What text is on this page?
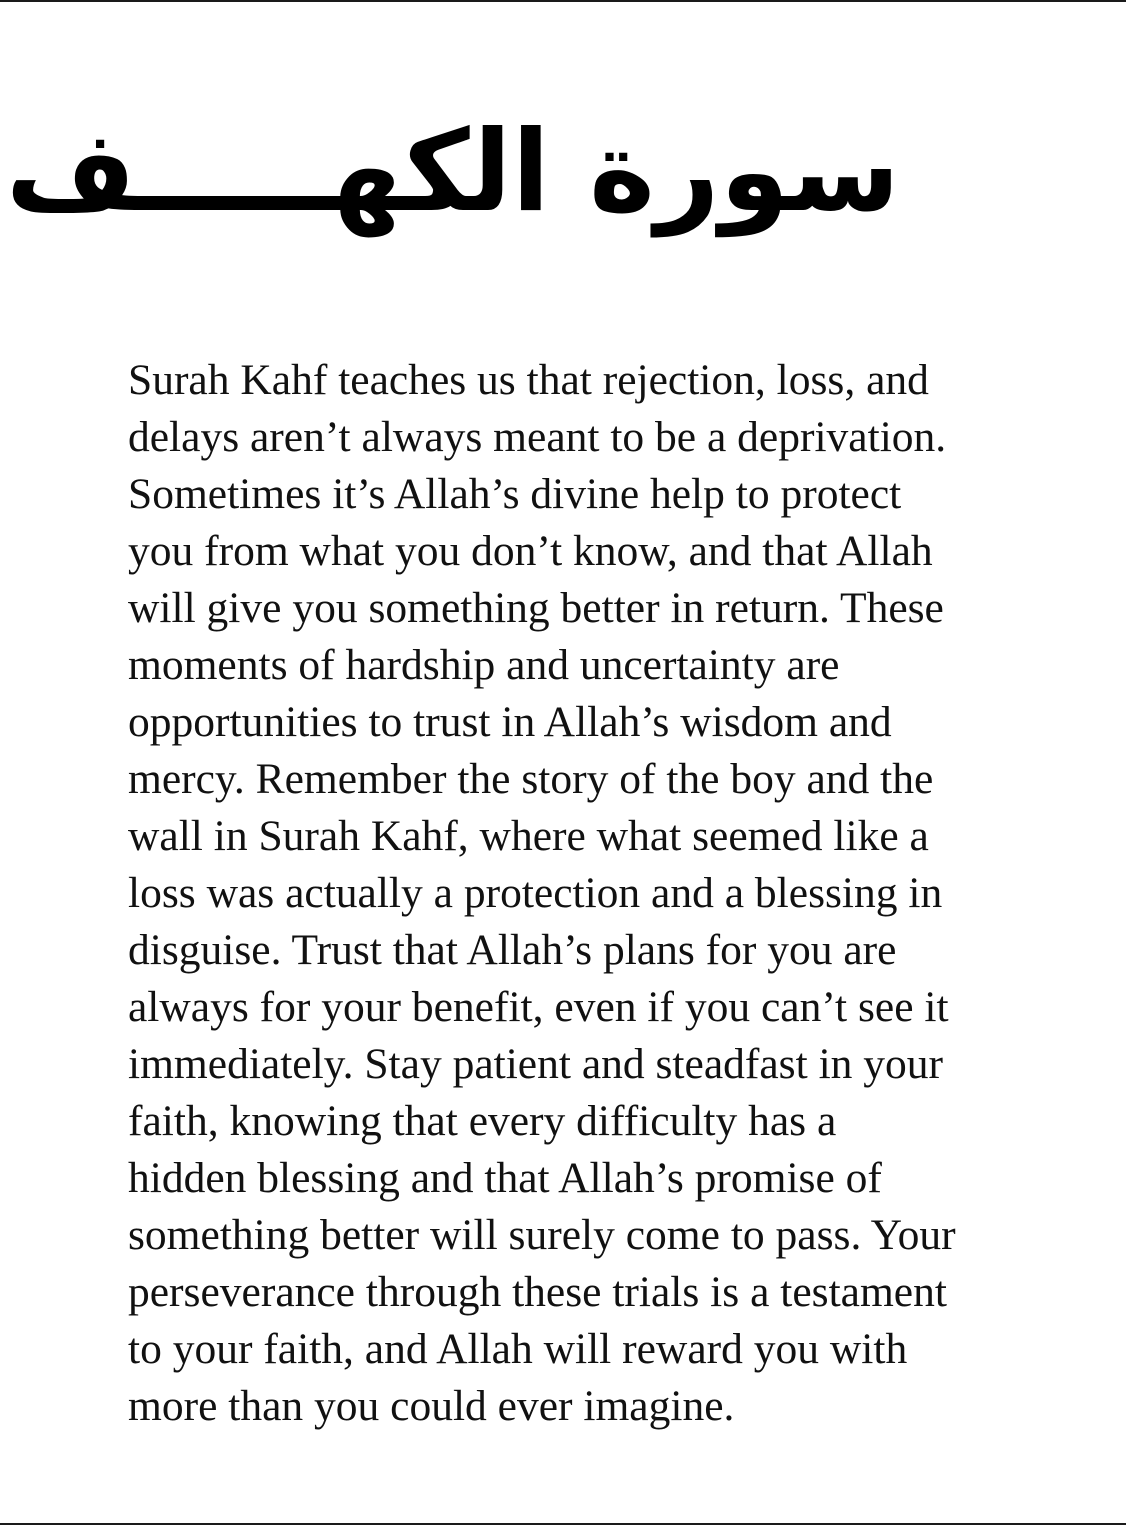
سورة الكهـــــف

Surah Kahf teaches us that rejection, loss, and
delays aren’t always meant to be a deprivation.
Sometimes it’s Allah’s divine help to protect
you from what you don’t know, and that Allah
will give you something better in return. These
moments of hardship and uncertainty are
opportunities to trust in Allah’s wisdom and
mercy. Remember the story of the boy and the
wall in Surah Kahf, where what seemed like a
loss was actually a protection and a blessing in
disguise. Trust that Allah’s plans for you are
always for your benefit, even if you can’t see it
immediately. Stay patient and steadfast in your
faith, knowing that every difficulty has a
hidden blessing and that Allah’s promise of
something better will surely come to pass. Your
perseverance through these trials is a testament
to your faith, and Allah will reward you with
more than you could ever imagine.
